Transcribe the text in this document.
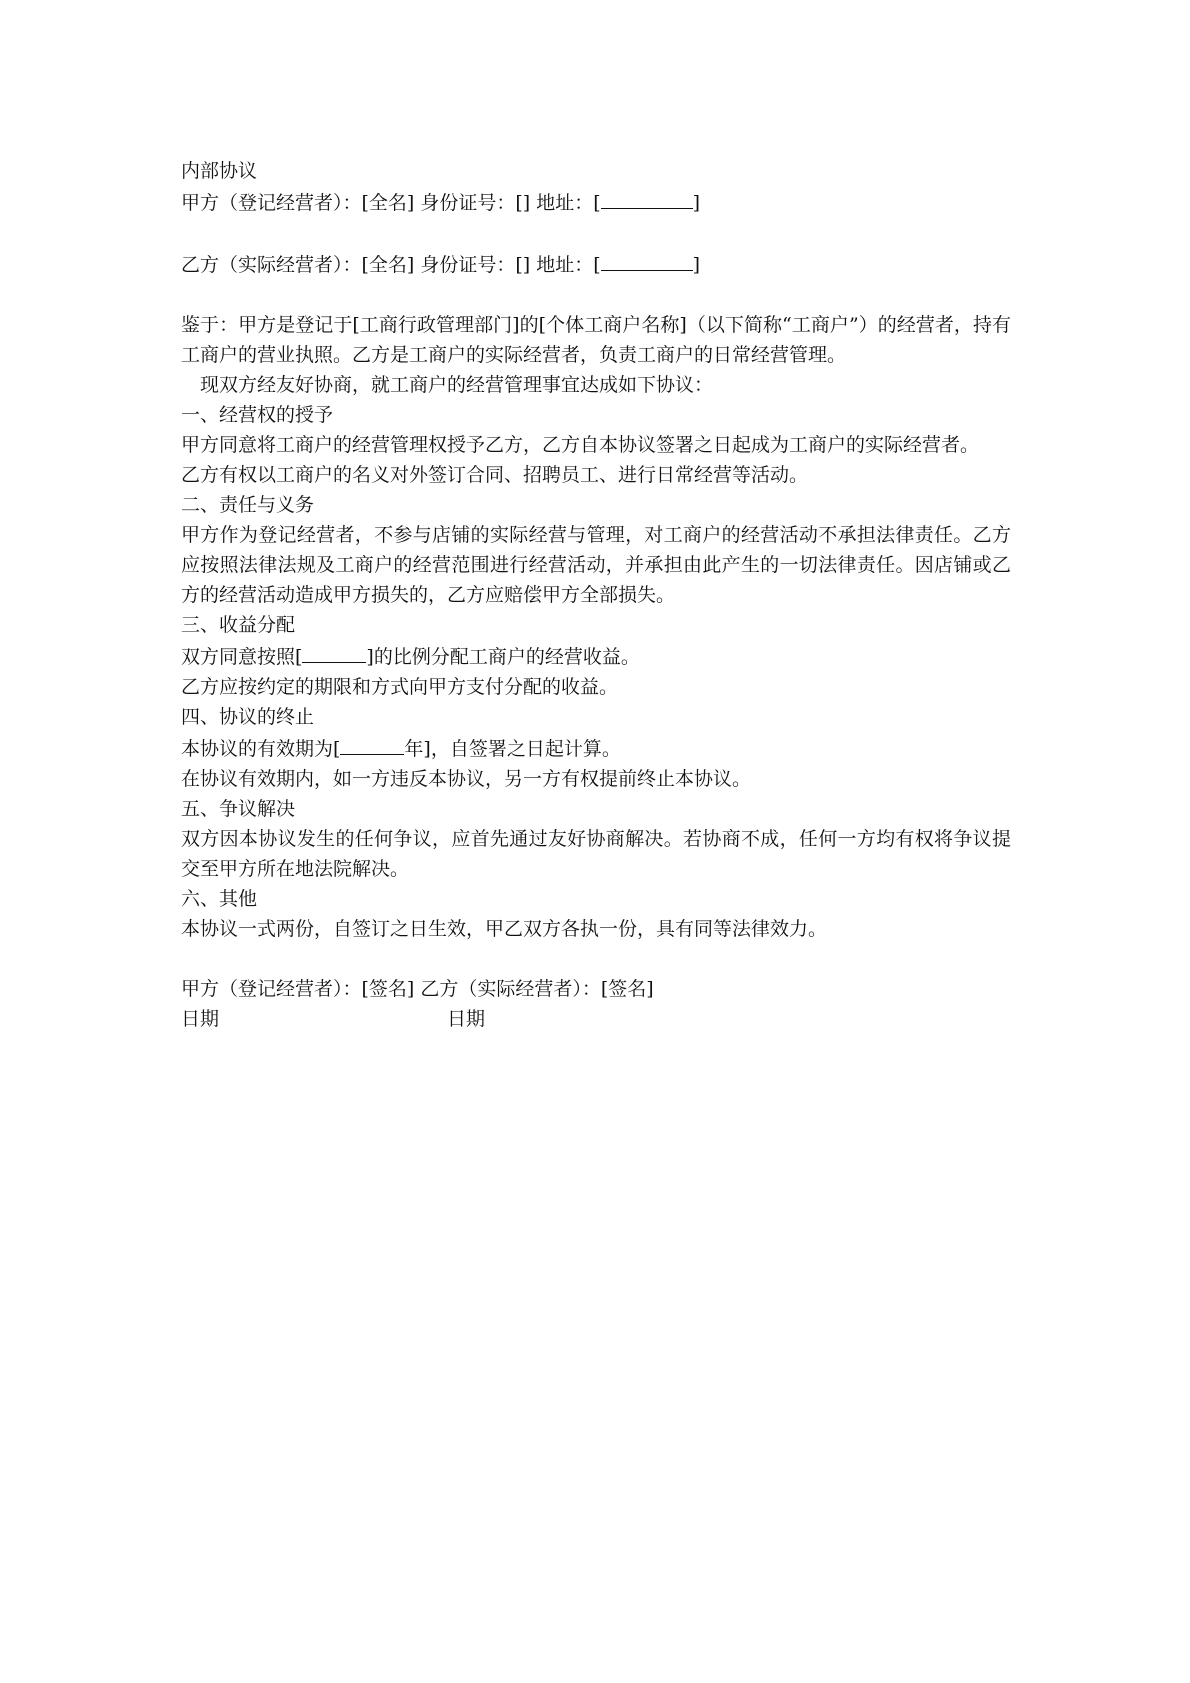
内部协议

甲方（登记经营者）：[全名] 身份证号：[] 地址：[	]

乙方（实际经营者）：[全名] 身份证号：[] 地址：[	]

鉴于：甲方是登记于[工商行政管理部门]的[个体工商户名称]（以下简称“工商户”）的经营者，持有工商户的营业执照。乙方是工商户的实际经营者，负责工商户的日常经营管理。

现双方经友好协商，就工商户的经营管理事宜达成如下协议：

一、经营权的授予

甲方同意将工商户的经营管理权授予乙方，乙方自本协议签署之日起成为工商户的实际经营者。

乙方有权以工商户的名义对外签订合同、招聘员工、进行日常经营等活动。

二、责任与义务

甲方作为登记经营者，不参与店铺的实际经营与管理，对工商户的经营活动不承担法律责任。乙方应按照法律法规及工商户的经营范围进行经营活动，并承担由此产生的一切法律责任。因店铺或乙方的经营活动造成甲方损失的，乙方应赔偿甲方全部损失。

三、收益分配

双方同意按照[	]的比例分配工商户的经营收益。

乙方应按约定的期限和方式向甲方支付分配的收益。

四、协议的终止

本协议的有效期为[	年]，自签署之日起计算。

在协议有效期内，如一方违反本协议，另一方有权提前终止本协议。

五、争议解决

双方因本协议发生的任何争议，应首先通过友好协商解决。若协商不成，任何一方均有权将争议提交至甲方所在地法院解决。

六、其他

本协议一式两份，自签订之日生效，甲乙双方各执一份，具有同等法律效力。

甲方（登记经营者）：[签名] 乙方（实际经营者）：[签名]

日期	日期
